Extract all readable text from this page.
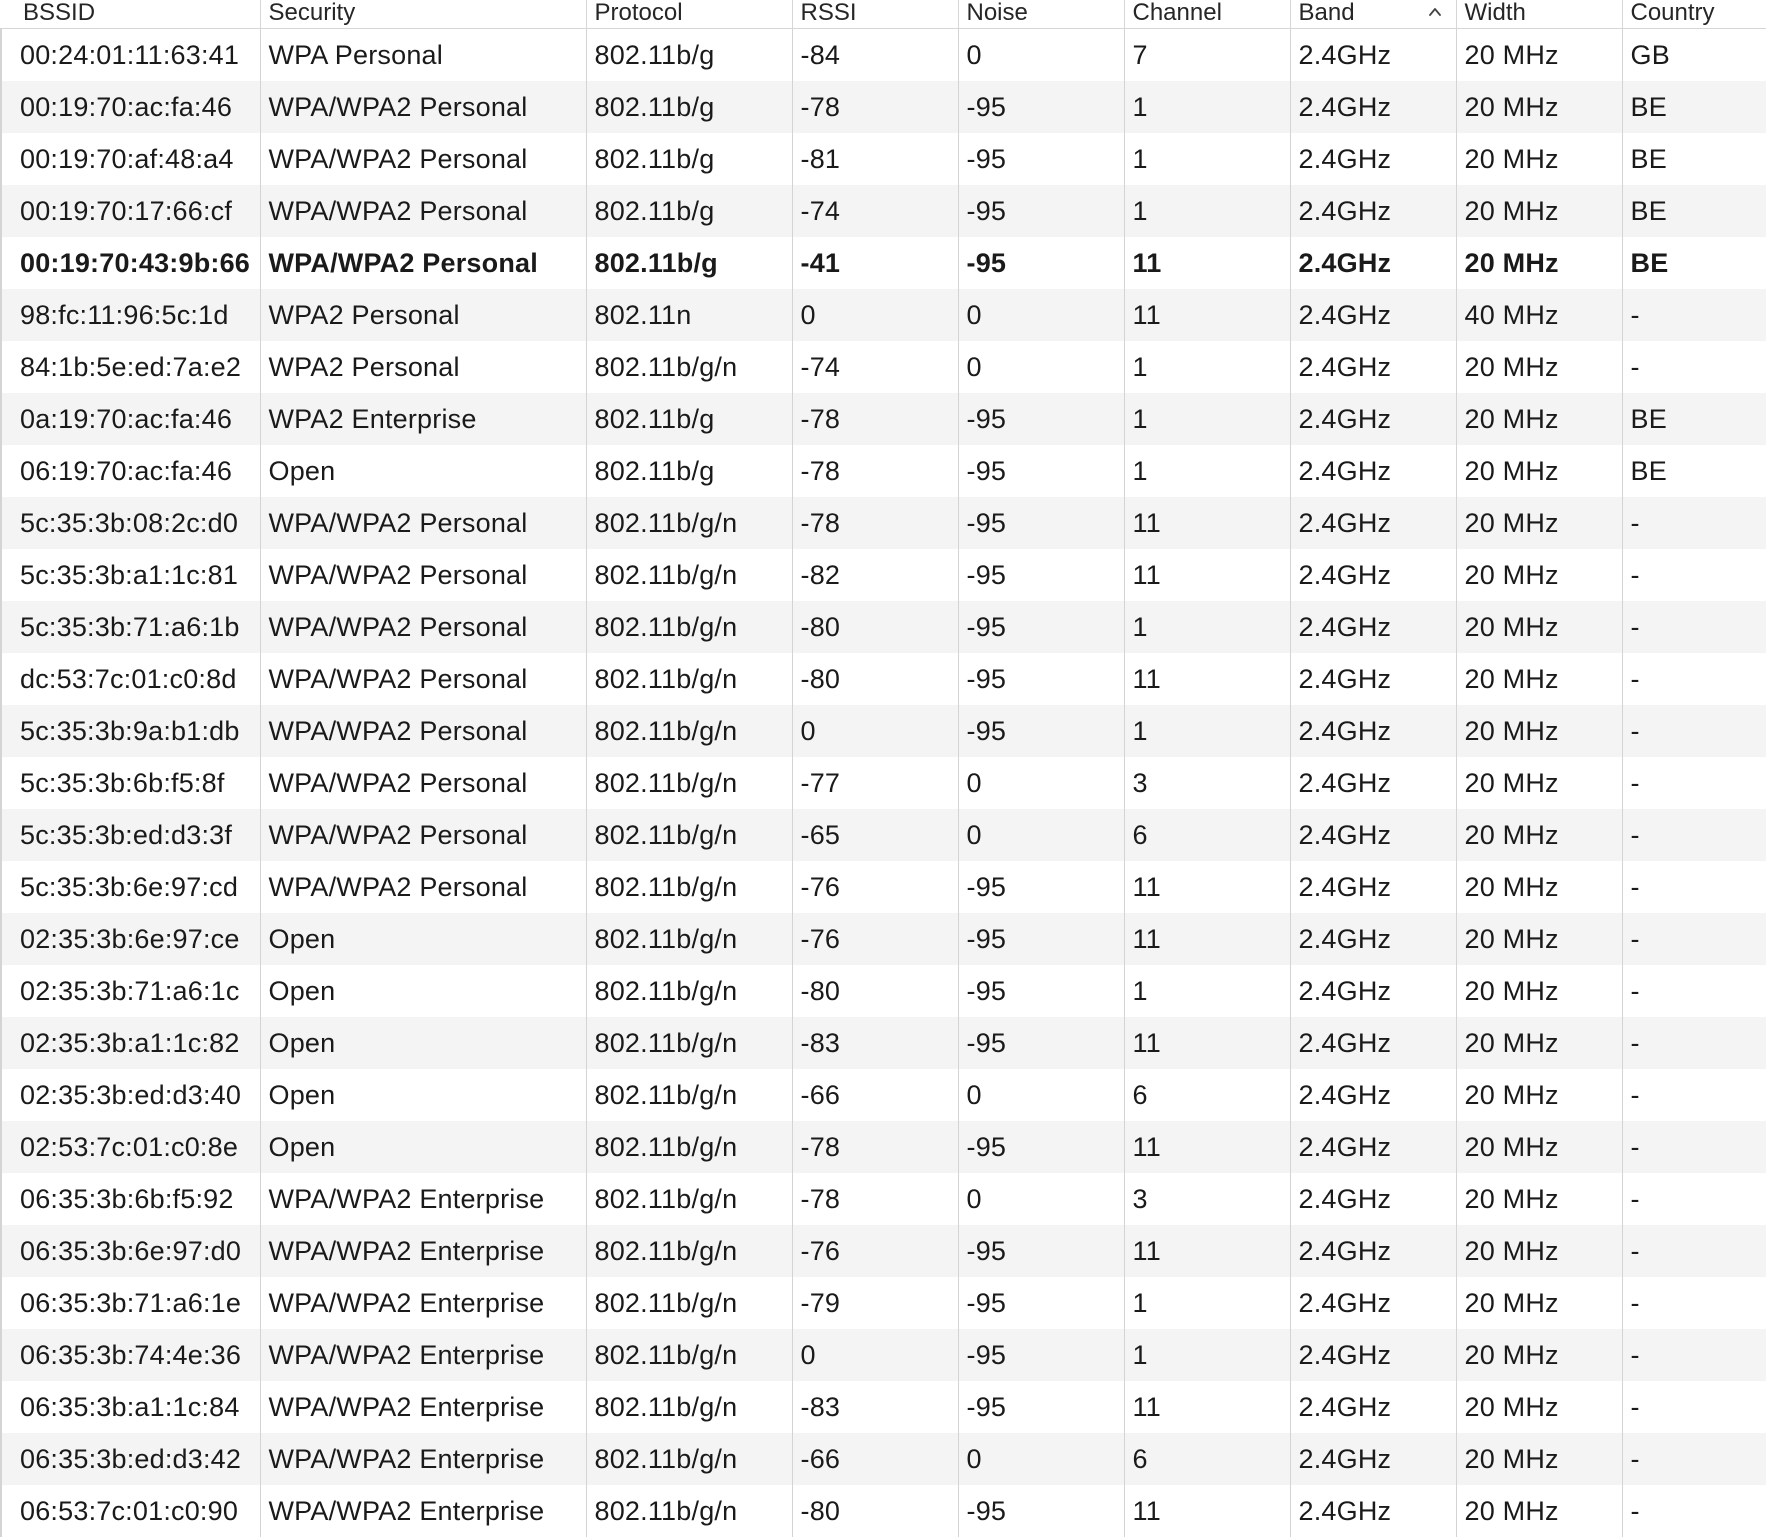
BSSID	Security	Protocol	RSSI	Noise	Channel	Band	Width	Country
00:24:01:11:63:41	WPA Personal	802.11b/g	-84	0	7	2.4GHz	20 MHz	GB
00:19:70:ac:fa:46	WPA/WPA2 Personal	802.11b/g	-78	-95	1	2.4GHz	20 MHz	BE
00:19:70:af:48:a4	WPA/WPA2 Personal	802.11b/g	-81	-95	1	2.4GHz	20 MHz	BE
00:19:70:17:66:cf	WPA/WPA2 Personal	802.11b/g	-74	-95	1	2.4GHz	20 MHz	BE
00:19:70:43:9b:66	WPA/WPA2 Personal	802.11b/g	-41	-95	11	2.4GHz	20 MHz	BE
98:fc:11:96:5c:1d	WPA2 Personal	802.11n	0	0	11	2.4GHz	40 MHz	-
84:1b:5e:ed:7a:e2	WPA2 Personal	802.11b/g/n	-74	0	1	2.4GHz	20 MHz	-
0a:19:70:ac:fa:46	WPA2 Enterprise	802.11b/g	-78	-95	1	2.4GHz	20 MHz	BE
06:19:70:ac:fa:46	Open	802.11b/g	-78	-95	1	2.4GHz	20 MHz	BE
5c:35:3b:08:2c:d0	WPA/WPA2 Personal	802.11b/g/n	-78	-95	11	2.4GHz	20 MHz	-
5c:35:3b:a1:1c:81	WPA/WPA2 Personal	802.11b/g/n	-82	-95	11	2.4GHz	20 MHz	-
5c:35:3b:71:a6:1b	WPA/WPA2 Personal	802.11b/g/n	-80	-95	1	2.4GHz	20 MHz	-
dc:53:7c:01:c0:8d	WPA/WPA2 Personal	802.11b/g/n	-80	-95	11	2.4GHz	20 MHz	-
5c:35:3b:9a:b1:db	WPA/WPA2 Personal	802.11b/g/n	0	-95	1	2.4GHz	20 MHz	-
5c:35:3b:6b:f5:8f	WPA/WPA2 Personal	802.11b/g/n	-77	0	3	2.4GHz	20 MHz	-
5c:35:3b:ed:d3:3f	WPA/WPA2 Personal	802.11b/g/n	-65	0	6	2.4GHz	20 MHz	-
5c:35:3b:6e:97:cd	WPA/WPA2 Personal	802.11b/g/n	-76	-95	11	2.4GHz	20 MHz	-
02:35:3b:6e:97:ce	Open	802.11b/g/n	-76	-95	11	2.4GHz	20 MHz	-
02:35:3b:71:a6:1c	Open	802.11b/g/n	-80	-95	1	2.4GHz	20 MHz	-
02:35:3b:a1:1c:82	Open	802.11b/g/n	-83	-95	11	2.4GHz	20 MHz	-
02:35:3b:ed:d3:40	Open	802.11b/g/n	-66	0	6	2.4GHz	20 MHz	-
02:53:7c:01:c0:8e	Open	802.11b/g/n	-78	-95	11	2.4GHz	20 MHz	-
06:35:3b:6b:f5:92	WPA/WPA2 Enterprise	802.11b/g/n	-78	0	3	2.4GHz	20 MHz	-
06:35:3b:6e:97:d0	WPA/WPA2 Enterprise	802.11b/g/n	-76	-95	11	2.4GHz	20 MHz	-
06:35:3b:71:a6:1e	WPA/WPA2 Enterprise	802.11b/g/n	-79	-95	1	2.4GHz	20 MHz	-
06:35:3b:74:4e:36	WPA/WPA2 Enterprise	802.11b/g/n	0	-95	1	2.4GHz	20 MHz	-
06:35:3b:a1:1c:84	WPA/WPA2 Enterprise	802.11b/g/n	-83	-95	11	2.4GHz	20 MHz	-
06:35:3b:ed:d3:42	WPA/WPA2 Enterprise	802.11b/g/n	-66	0	6	2.4GHz	20 MHz	-
06:53:7c:01:c0:90	WPA/WPA2 Enterprise	802.11b/g/n	-80	-95	11	2.4GHz	20 MHz	-
